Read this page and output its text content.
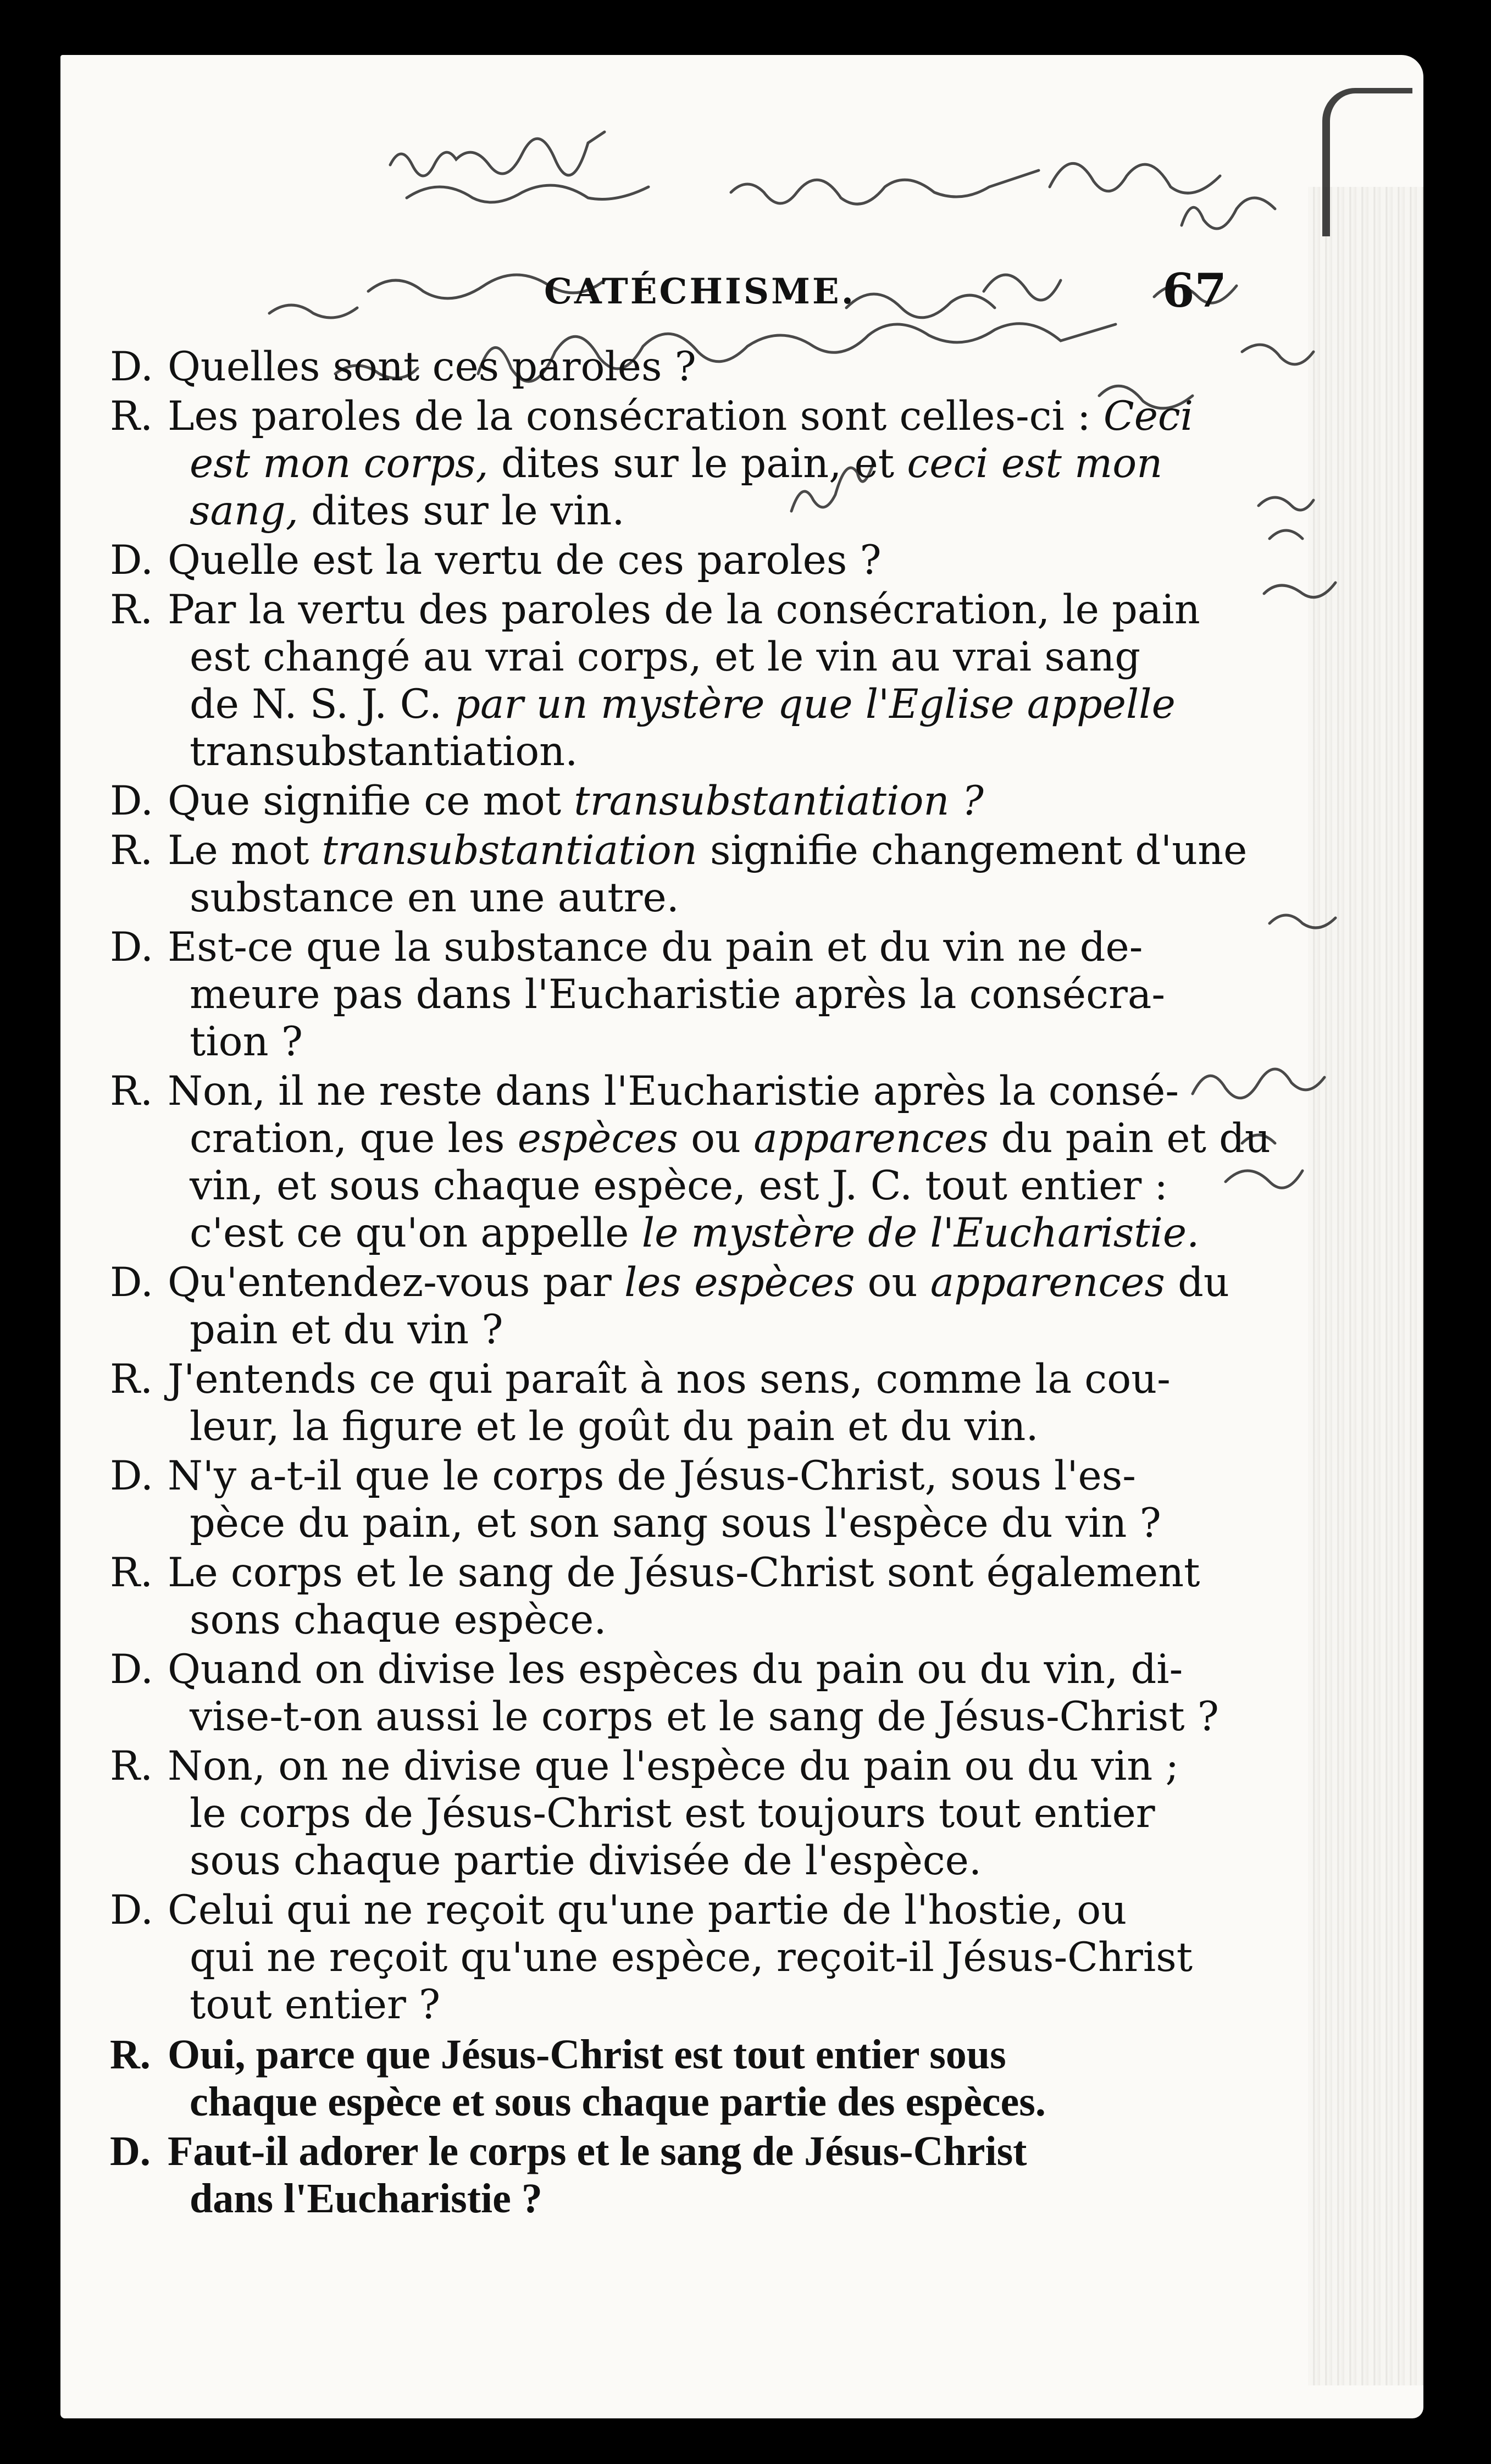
CATÉCHISME.	67
D. Quelles sont ces paroles ?
R. Les paroles de la consécration sont celles-ci : Ceci
est mon corps, dites sur le pain, et ceci est mon
sang, dites sur le vin.
D. Quelle est la vertu de ces paroles ?
R. Par la vertu des paroles de la consécration, le pain
est changé au vrai corps, et le vin au vrai sang
de N. S. J. C. par un mystère que l'Eglise appelle
transubstantiation.
D. Que signifie ce mot transubstantiation ?
R. Le mot transubstantiation signifie changement d'une
substance en une autre.
D. Est-ce que la substance du pain et du vin ne de-
meure pas dans l'Eucharistie après la consécra-
tion ?
R. Non, il ne reste dans l'Eucharistie après la consé-
cration, que les espèces ou apparences du pain et du
vin, et sous chaque espèce, est J. C. tout entier :
c'est ce qu'on appelle le mystère de l'Eucharistie.
D. Qu'entendez-vous par les espèces ou apparences du
pain et du vin ?
R. J'entends ce qui paraît à nos sens, comme la cou-
leur, la figure et le goût du pain et du vin.
D. N'y a-t-il que le corps de Jésus-Christ, sous l'es-
pèce du pain, et son sang sous l'espèce du vin ?
R. Le corps et le sang de Jésus-Christ sont également
sons chaque espèce.
D. Quand on divise les espèces du pain ou du vin, di-
vise-t-on aussi le corps et le sang de Jésus-Christ ?
R. Non, on ne divise que l'espèce du pain ou du vin ;
le corps de Jésus-Christ est toujours tout entier
sous chaque partie divisée de l'espèce.
D. Celui qui ne reçoit qu'une partie de l'hostie, ou
qui ne reçoit qu'une espèce, reçoit-il Jésus-Christ
tout entier ?
R. Oui, parce que Jésus-Christ est tout entier sous
chaque espèce et sous chaque partie des espèces.
D. Faut-il adorer le corps et le sang de Jésus-Christ
dans l'Eucharistie ?
